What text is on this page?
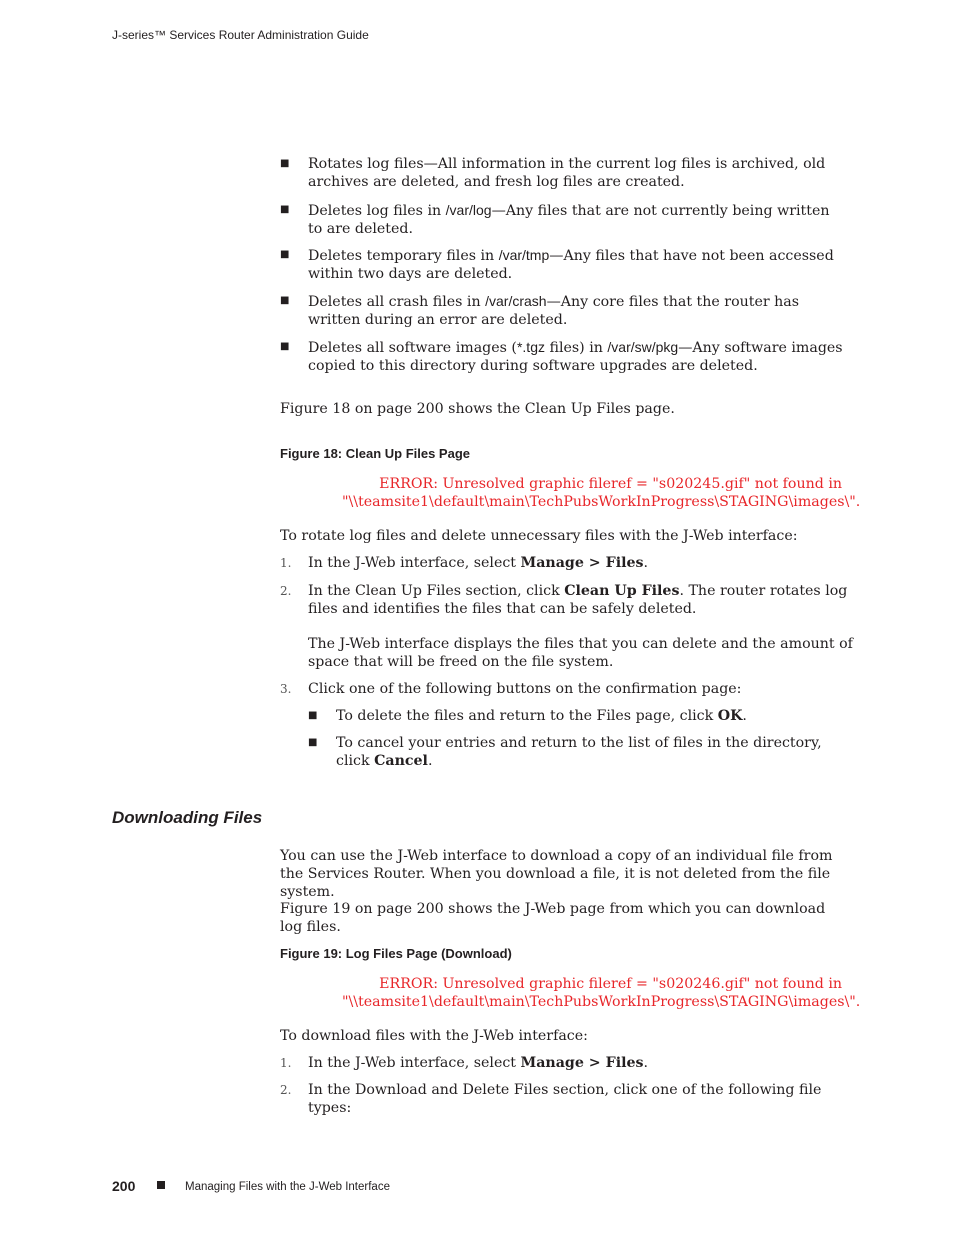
J-series™ Services Router Administration Guide
■ Rotates log files—All information in the current log files is archived, old archives are deleted, and fresh log files are created.
■ Deletes log files in /var/log—Any files that are not currently being written to are deleted.
■ Deletes temporary files in /var/tmp—Any files that have not been accessed within two days are deleted.
■ Deletes all crash files in /var/crash—Any core files that the router has written during an error are deleted.
■ Deletes all software images (*.tgz files) in /var/sw/pkg—Any software images copied to this directory during software upgrades are deleted.
Figure 18 on page 200 shows the Clean Up Files page.
Figure 18: Clean Up Files Page
ERROR: Unresolved graphic fileref = "s020245.gif" not found in
"\\teamsite1\default\main\TechPubsWorkInProgress\STAGING\images\".
To rotate log files and delete unnecessary files with the J-Web interface:
1. In the J-Web interface, select Manage > Files.
2. In the Clean Up Files section, click Clean Up Files. The router rotates log files and identifies the files that can be safely deleted.
The J-Web interface displays the files that you can delete and the amount of space that will be freed on the file system.
3. Click one of the following buttons on the confirmation page:
■ To delete the files and return to the Files page, click OK.
■ To cancel your entries and return to the list of files in the directory, click Cancel.
Downloading Files
You can use the J-Web interface to download a copy of an individual file from the Services Router. When you download a file, it is not deleted from the file system.
Figure 19 on page 200 shows the J-Web page from which you can download log files.
Figure 19: Log Files Page (Download)
ERROR: Unresolved graphic fileref = "s020246.gif" not found in
"\\teamsite1\default\main\TechPubsWorkInProgress\STAGING\images\".
To download files with the J-Web interface:
1. In the J-Web interface, select Manage > Files.
2. In the Download and Delete Files section, click one of the following file types:
200	Managing Files with the J-Web Interface
